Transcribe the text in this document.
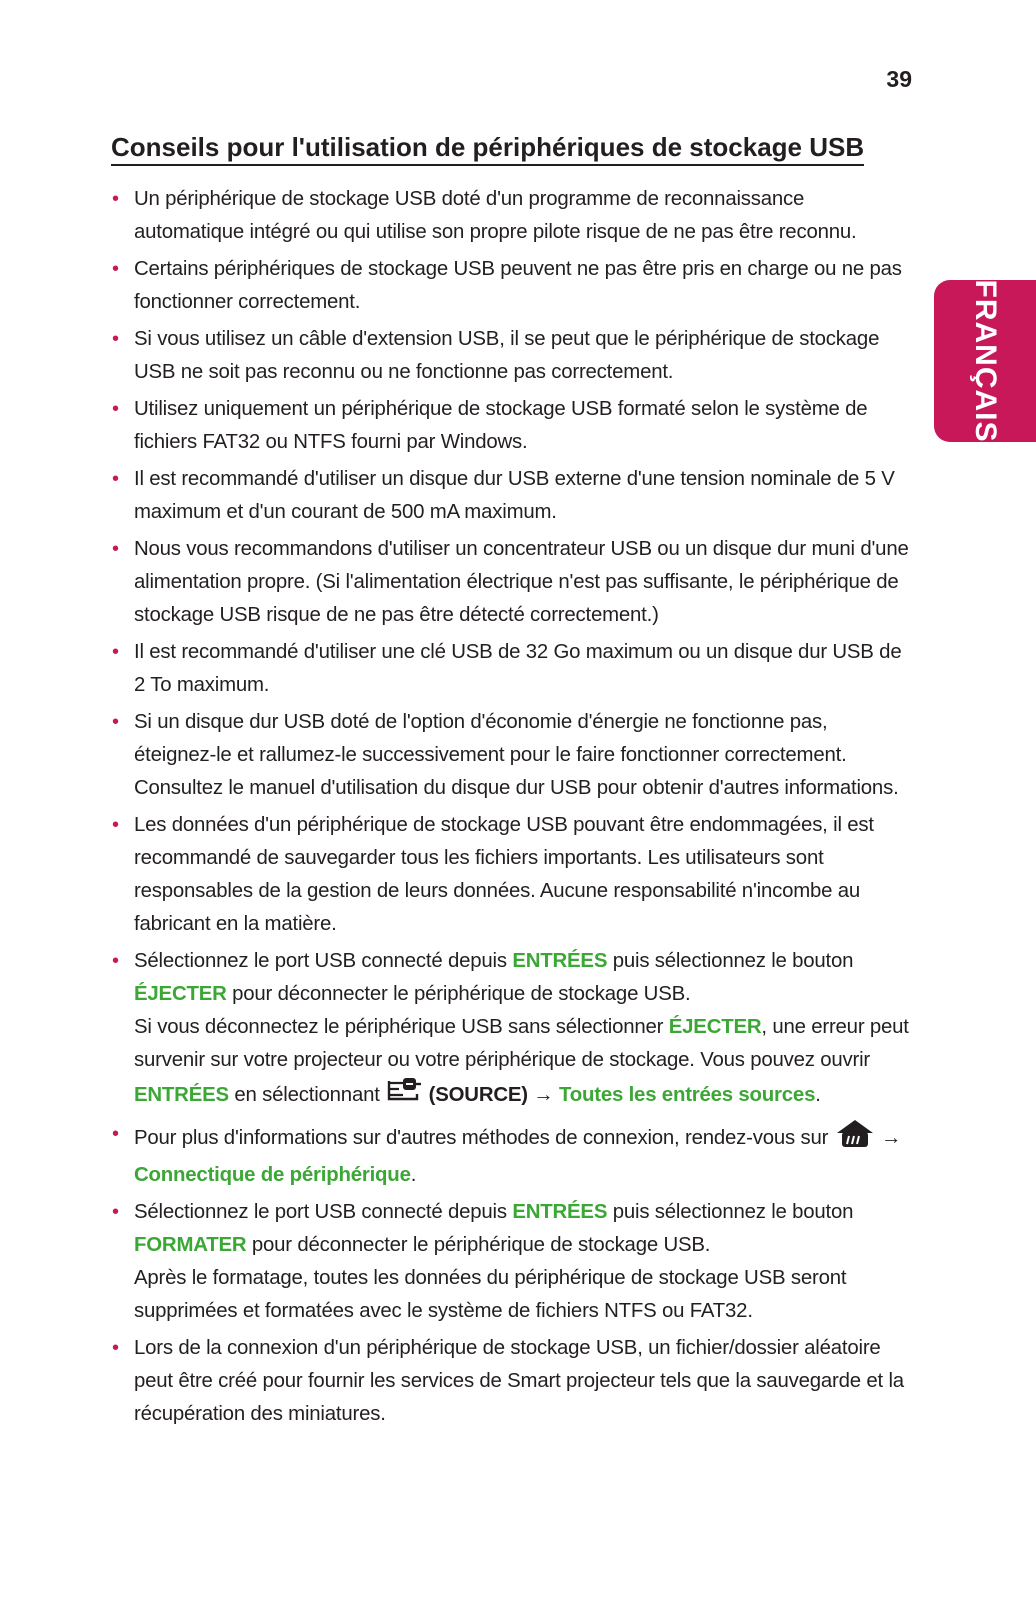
39
FRANÇAIS
Conseils pour l'utilisation de périphériques de stockage USB
• Un périphérique de stockage USB doté d'un programme de reconnaissance automatique intégré ou qui utilise son propre pilote risque de ne pas être reconnu.
• Certains périphériques de stockage USB peuvent ne pas être pris en charge ou ne pas fonctionner correctement.
• Si vous utilisez un câble d'extension USB, il se peut que le périphérique de stockage USB ne soit pas reconnu ou ne fonctionne pas correctement.
• Utilisez uniquement un périphérique de stockage USB formaté selon le système de fichiers FAT32 ou NTFS fourni par Windows.
• Il est recommandé d'utiliser un disque dur USB externe d'une tension nominale de 5 V maximum et d'un courant de 500 mA maximum.
• Nous vous recommandons d'utiliser un concentrateur USB ou un disque dur muni d'une alimentation propre. (Si l'alimentation électrique n'est pas suffisante, le périphérique de stockage USB risque de ne pas être détecté correctement.)
• Il est recommandé d'utiliser une clé USB de 32 Go maximum ou un disque dur USB de 2 To maximum.
• Si un disque dur USB doté de l'option d'économie d'énergie ne fonctionne pas, éteignez-le et rallumez-le successivement pour le faire fonctionner correctement. Consultez le manuel d'utilisation du disque dur USB pour obtenir d'autres informations.
• Les données d'un périphérique de stockage USB pouvant être endommagées, il est recommandé de sauvegarder tous les fichiers importants. Les utilisateurs sont responsables de la gestion de leurs données. Aucune responsabilité n'incombe au fabricant en la matière.
• Sélectionnez le port USB connecté depuis ENTRÉES puis sélectionnez le bouton ÉJECTER pour déconnecter le périphérique de stockage USB.
Si vous déconnectez le périphérique USB sans sélectionner ÉJECTER, une erreur peut survenir sur votre projecteur ou votre périphérique de stockage. Vous pouvez ouvrir ENTRÉES en sélectionnant  (SOURCE) → Toutes les entrées sources.
• Pour plus d'informations sur d'autres méthodes de connexion, rendez-vous sur  → Connectique de périphérique.
• Sélectionnez le port USB connecté depuis ENTRÉES puis sélectionnez le bouton FORMATER pour déconnecter le périphérique de stockage USB.
Après le formatage, toutes les données du périphérique de stockage USB seront supprimées et formatées avec le système de fichiers NTFS ou FAT32.
• Lors de la connexion d'un périphérique de stockage USB, un fichier/dossier aléatoire peut être créé pour fournir les services de Smart projecteur tels que la sauvegarde et la récupération des miniatures.
